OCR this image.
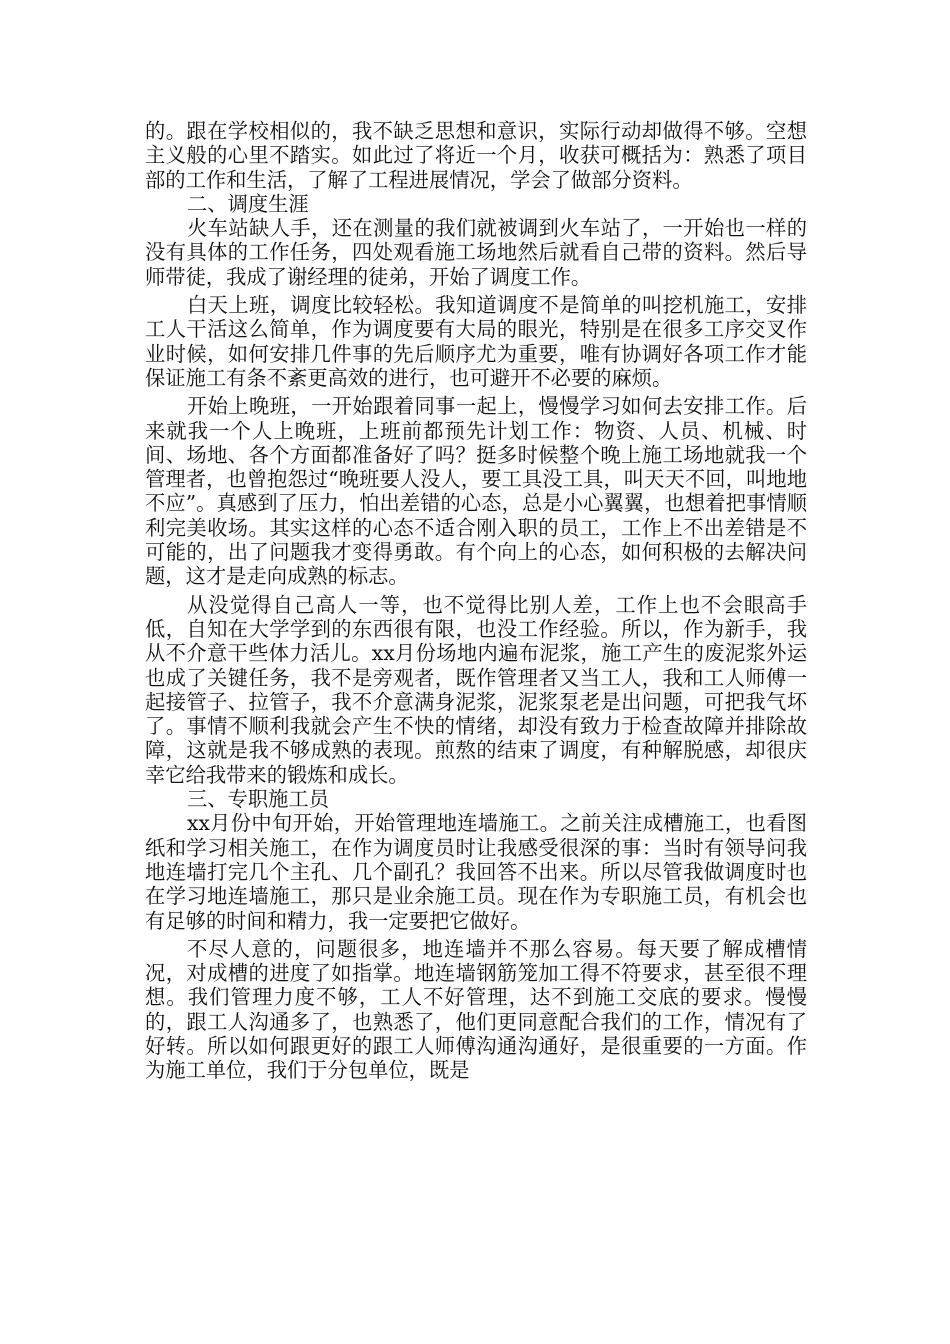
的。跟在学校相似的，我不缺乏思想和意识，实际行动却做得不够。空想主义般的心里不踏实。如此过了将近一个月，收获可概括为：熟悉了项目部的工作和生活，了解了工程进展情况，学会了做部分资料。

二、调度生涯

火车站缺人手，还在测量的我们就被调到火车站了，一开始也一样的没有具体的工作任务，四处观看施工场地然后就看自己带的资料。然后导师带徒，我成了谢经理的徒弟，开始了调度工作。

白天上班，调度比较轻松。我知道调度不是简单的叫挖机施工，安排工人干活这么简单，作为调度要有大局的眼光，特别是在很多工序交叉作业时候，如何安排几件事的先后顺序尤为重要，唯有协调好各项工作才能保证施工有条不紊更高效的进行，也可避开不必要的麻烦。

开始上晚班，一开始跟着同事一起上，慢慢学习如何去安排工作。后来就我一个人上晚班，上班前都预先计划工作：物资、人员、机械、时间、场地、各个方面都准备好了吗？挺多时候整个晚上施工场地就我一个管理者，也曾抱怨过“晚班要人没人，要工具没工具，叫天天不回，叫地地不应”。真感到了压力，怕出差错的心态，总是小心翼翼，也想着把事情顺利完美收场。其实这样的心态不适合刚入职的员工，工作上不出差错是不可能的，出了问题我才变得勇敢。有个向上的心态，如何积极的去解决问题，这才是走向成熟的标志。

从没觉得自己高人一等，也不觉得比别人差，工作上也不会眼高手低，自知在大学学到的东西很有限，也没工作经验。所以，作为新手，我从不介意干些体力活儿。xx月份场地内遍布泥浆，施工产生的废泥浆外运也成了关键任务，我不是旁观者，既作管理者又当工人，我和工人师傅一起接管子、拉管子，我不介意满身泥浆，泥浆泵老是出问题，可把我气坏了。事情不顺利我就会产生不快的情绪，却没有致力于检查故障并排除故障，这就是我不够成熟的表现。煎熬的结束了调度，有种解脱感，却很庆幸它给我带来的锻炼和成长。

三、专职施工员

xx月份中旬开始，开始管理地连墙施工。之前关注成槽施工，也看图纸和学习相关施工，在作为调度员时让我感受很深的事：当时有领导问我地连墙打完几个主孔、几个副孔？我回答不出来。所以尽管我做调度时也在学习地连墙施工，那只是业余施工员。现在作为专职施工员，有机会也有足够的时间和精力，我一定要把它做好。

不尽人意的，问题很多，地连墙并不那么容易。每天要了解成槽情况，对成槽的进度了如指掌。地连墙钢筋笼加工得不符要求，甚至很不理想。我们管理力度不够，工人不好管理，达不到施工交底的要求。慢慢的，跟工人沟通多了，也熟悉了，他们更同意配合我们的工作，情况有了好转。所以如何跟更好的跟工人师傅沟通沟通好，是很重要的一方面。作为施工单位，我们于分包单位，既是
